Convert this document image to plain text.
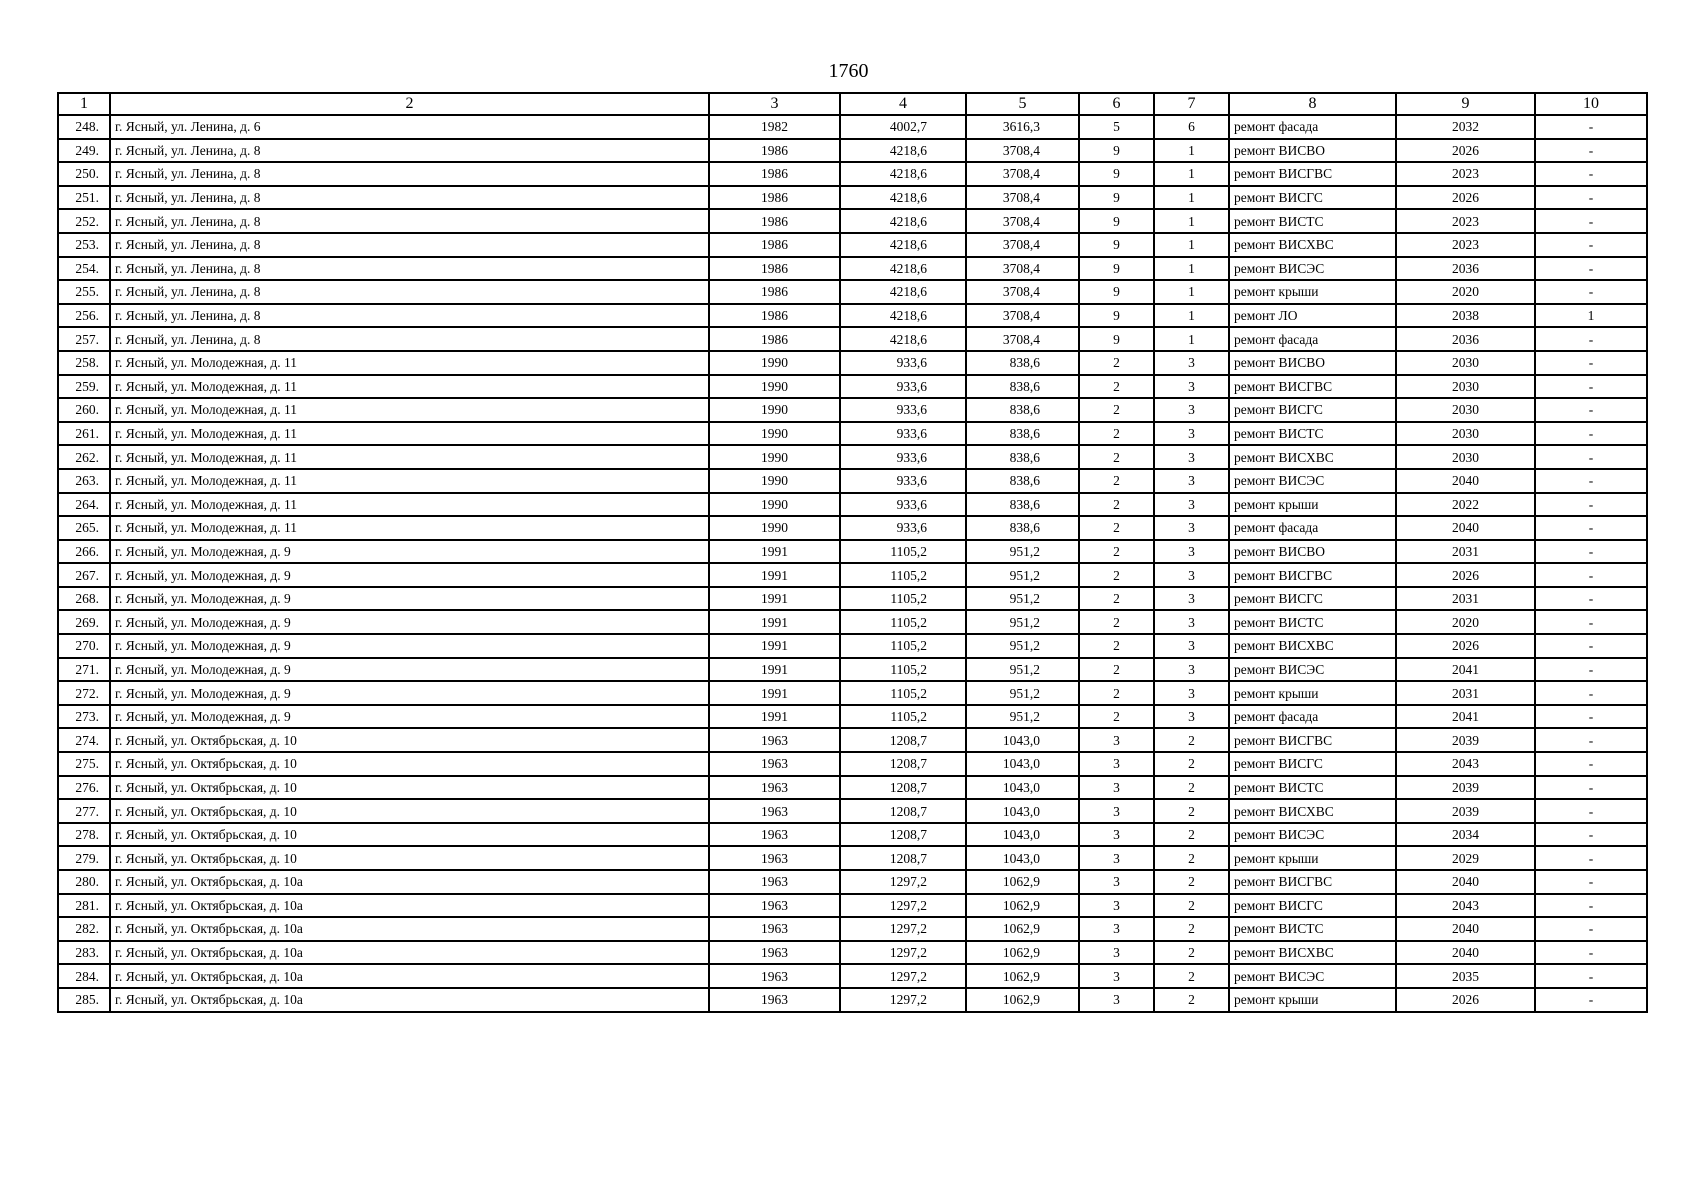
1760
1	2	3	4	5	6	7	8	9	10
248.	г. Ясный, ул. Ленина, д. 6	1982	4002,7	3616,3	5	6	ремонт фасада	2032	-
249.	г. Ясный, ул. Ленина, д. 8	1986	4218,6	3708,4	9	1	ремонт ВИСВО	2026	-
250.	г. Ясный, ул. Ленина, д. 8	1986	4218,6	3708,4	9	1	ремонт ВИСГВС	2023	-
251.	г. Ясный, ул. Ленина, д. 8	1986	4218,6	3708,4	9	1	ремонт ВИСГС	2026	-
252.	г. Ясный, ул. Ленина, д. 8	1986	4218,6	3708,4	9	1	ремонт ВИСТС	2023	-
253.	г. Ясный, ул. Ленина, д. 8	1986	4218,6	3708,4	9	1	ремонт ВИСХВС	2023	-
254.	г. Ясный, ул. Ленина, д. 8	1986	4218,6	3708,4	9	1	ремонт ВИСЭС	2036	-
255.	г. Ясный, ул. Ленина, д. 8	1986	4218,6	3708,4	9	1	ремонт крыши	2020	-
256.	г. Ясный, ул. Ленина, д. 8	1986	4218,6	3708,4	9	1	ремонт ЛО	2038	1
257.	г. Ясный, ул. Ленина, д. 8	1986	4218,6	3708,4	9	1	ремонт фасада	2036	-
258.	г. Ясный, ул. Молодежная, д. 11	1990	933,6	838,6	2	3	ремонт ВИСВО	2030	-
259.	г. Ясный, ул. Молодежная, д. 11	1990	933,6	838,6	2	3	ремонт ВИСГВС	2030	-
260.	г. Ясный, ул. Молодежная, д. 11	1990	933,6	838,6	2	3	ремонт ВИСГС	2030	-
261.	г. Ясный, ул. Молодежная, д. 11	1990	933,6	838,6	2	3	ремонт ВИСТС	2030	-
262.	г. Ясный, ул. Молодежная, д. 11	1990	933,6	838,6	2	3	ремонт ВИСХВС	2030	-
263.	г. Ясный, ул. Молодежная, д. 11	1990	933,6	838,6	2	3	ремонт ВИСЭС	2040	-
264.	г. Ясный, ул. Молодежная, д. 11	1990	933,6	838,6	2	3	ремонт крыши	2022	-
265.	г. Ясный, ул. Молодежная, д. 11	1990	933,6	838,6	2	3	ремонт фасада	2040	-
266.	г. Ясный, ул. Молодежная, д. 9	1991	1105,2	951,2	2	3	ремонт ВИСВО	2031	-
267.	г. Ясный, ул. Молодежная, д. 9	1991	1105,2	951,2	2	3	ремонт ВИСГВС	2026	-
268.	г. Ясный, ул. Молодежная, д. 9	1991	1105,2	951,2	2	3	ремонт ВИСГС	2031	-
269.	г. Ясный, ул. Молодежная, д. 9	1991	1105,2	951,2	2	3	ремонт ВИСТС	2020	-
270.	г. Ясный, ул. Молодежная, д. 9	1991	1105,2	951,2	2	3	ремонт ВИСХВС	2026	-
271.	г. Ясный, ул. Молодежная, д. 9	1991	1105,2	951,2	2	3	ремонт ВИСЭС	2041	-
272.	г. Ясный, ул. Молодежная, д. 9	1991	1105,2	951,2	2	3	ремонт крыши	2031	-
273.	г. Ясный, ул. Молодежная, д. 9	1991	1105,2	951,2	2	3	ремонт фасада	2041	-
274.	г. Ясный, ул. Октябрьская, д. 10	1963	1208,7	1043,0	3	2	ремонт ВИСГВС	2039	-
275.	г. Ясный, ул. Октябрьская, д. 10	1963	1208,7	1043,0	3	2	ремонт ВИСГС	2043	-
276.	г. Ясный, ул. Октябрьская, д. 10	1963	1208,7	1043,0	3	2	ремонт ВИСТС	2039	-
277.	г. Ясный, ул. Октябрьская, д. 10	1963	1208,7	1043,0	3	2	ремонт ВИСХВС	2039	-
278.	г. Ясный, ул. Октябрьская, д. 10	1963	1208,7	1043,0	3	2	ремонт ВИСЭС	2034	-
279.	г. Ясный, ул. Октябрьская, д. 10	1963	1208,7	1043,0	3	2	ремонт крыши	2029	-
280.	г. Ясный, ул. Октябрьская, д. 10а	1963	1297,2	1062,9	3	2	ремонт ВИСГВС	2040	-
281.	г. Ясный, ул. Октябрьская, д. 10а	1963	1297,2	1062,9	3	2	ремонт ВИСГС	2043	-
282.	г. Ясный, ул. Октябрьская, д. 10а	1963	1297,2	1062,9	3	2	ремонт ВИСТС	2040	-
283.	г. Ясный, ул. Октябрьская, д. 10а	1963	1297,2	1062,9	3	2	ремонт ВИСХВС	2040	-
284.	г. Ясный, ул. Октябрьская, д. 10а	1963	1297,2	1062,9	3	2	ремонт ВИСЭС	2035	-
285.	г. Ясный, ул. Октябрьская, д. 10а	1963	1297,2	1062,9	3	2	ремонт крыши	2026	-
